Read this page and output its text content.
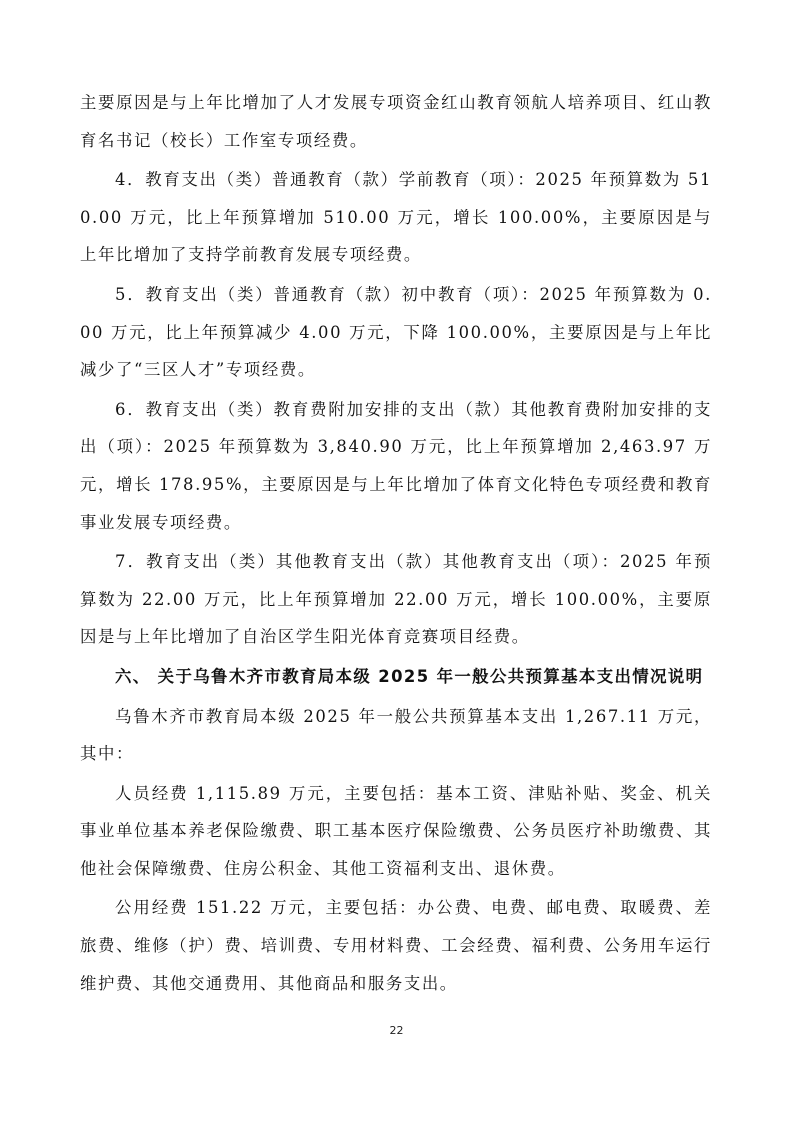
主要原因是与上年比增加了人才发展专项资金红山教育领航人培养项目、红山教育名书记（校长）工作室专项经费。

4．教育支出（类）普通教育（款）学前教育（项）：2025 年预算数为 510.00 万元，比上年预算增加 510.00 万元，增长 100.00%，主要原因是与上年比增加了支持学前教育发展专项经费。

5．教育支出（类）普通教育（款）初中教育（项）：2025 年预算数为 0.00 万元，比上年预算减少 4.00 万元，下降 100.00%，主要原因是与上年比减少了“三区人才”专项经费。

6．教育支出（类）教育费附加安排的支出（款）其他教育费附加安排的支出（项）：2025 年预算数为 3,840.90 万元，比上年预算增加 2,463.97 万元，增长 178.95%，主要原因是与上年比增加了体育文化特色专项经费和教育事业发展专项经费。

7．教育支出（类）其他教育支出（款）其他教育支出（项）：2025 年预算数为 22.00 万元，比上年预算增加 22.00 万元，增长 100.00%，主要原因是与上年比增加了自治区学生阳光体育竞赛项目经费。

六、 关于乌鲁木齐市教育局本级 2025 年一般公共预算基本支出情况说明

乌鲁木齐市教育局本级 2025 年一般公共预算基本支出 1,267.11 万元，其中：

人员经费 1,115.89 万元，主要包括：基本工资、津贴补贴、奖金、机关事业单位基本养老保险缴费、职工基本医疗保险缴费、公务员医疗补助缴费、其他社会保障缴费、住房公积金、其他工资福利支出、退休费。

公用经费 151.22 万元，主要包括：办公费、电费、邮电费、取暖费、差旅费、维修（护）费、培训费、专用材料费、工会经费、福利费、公务用车运行维护费、其他交通费用、其他商品和服务支出。

22
